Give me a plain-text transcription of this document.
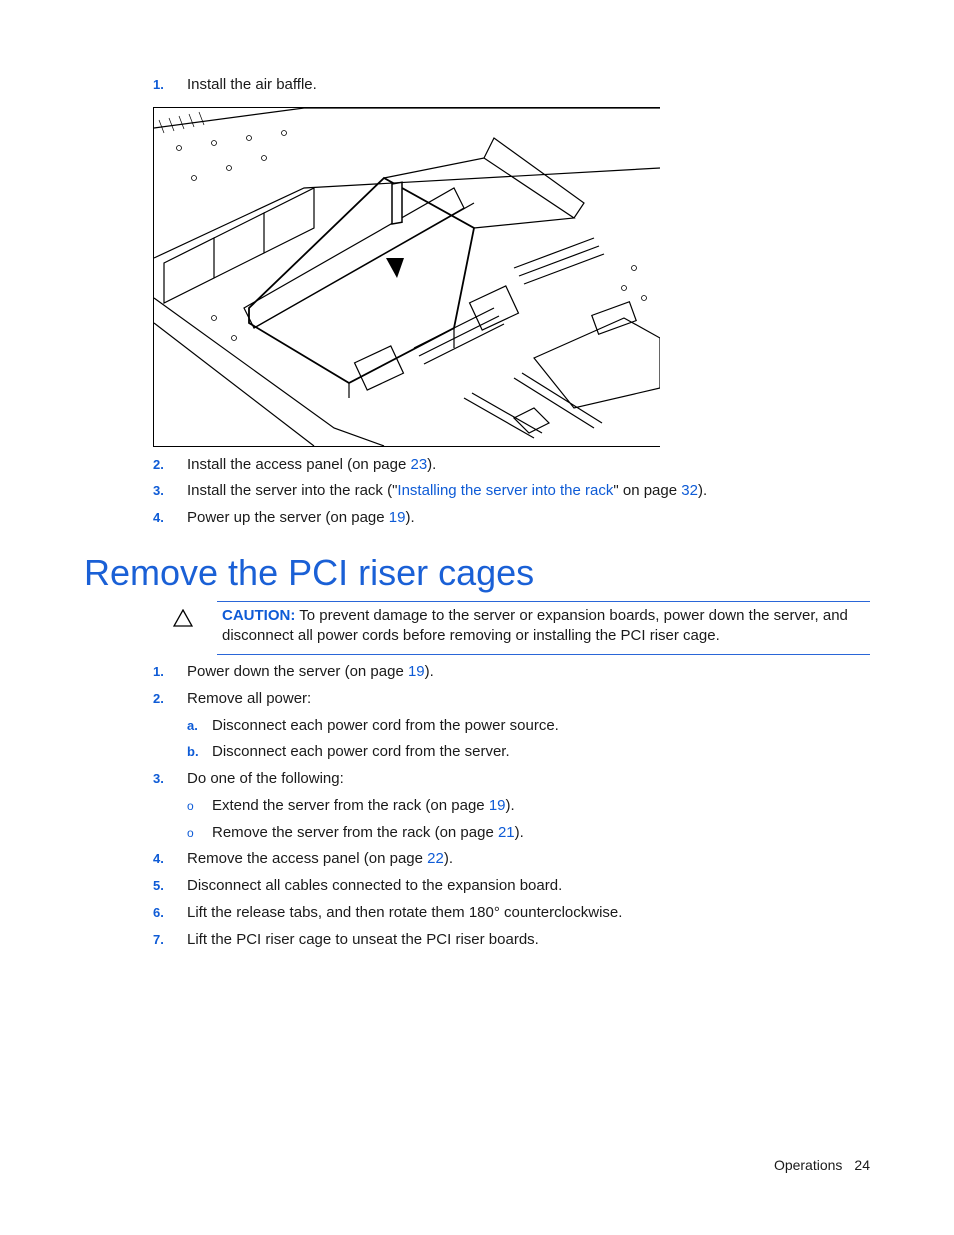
1. Install the air baffle.
2. Install the access panel (on page 23).
3. Install the server into the rack ("Installing the server into the rack" on page 32).
4. Power up the server (on page 19).
Remove the PCI riser cages
CAUTION: To prevent damage to the server or expansion boards, power down the server, and disconnect all power cords before removing or installing the PCI riser cage.
1. Power down the server (on page 19).
2. Remove all power:
a. Disconnect each power cord from the power source.
b. Disconnect each power cord from the server.
3. Do one of the following:
o Extend the server from the rack (on page 19).
o Remove the server from the rack (on page 21).
4. Remove the access panel (on page 22).
5. Disconnect all cables connected to the expansion board.
6. Lift the release tabs, and then rotate them 180° counterclockwise.
7. Lift the PCI riser cage to unseat the PCI riser boards.
Operations 24
